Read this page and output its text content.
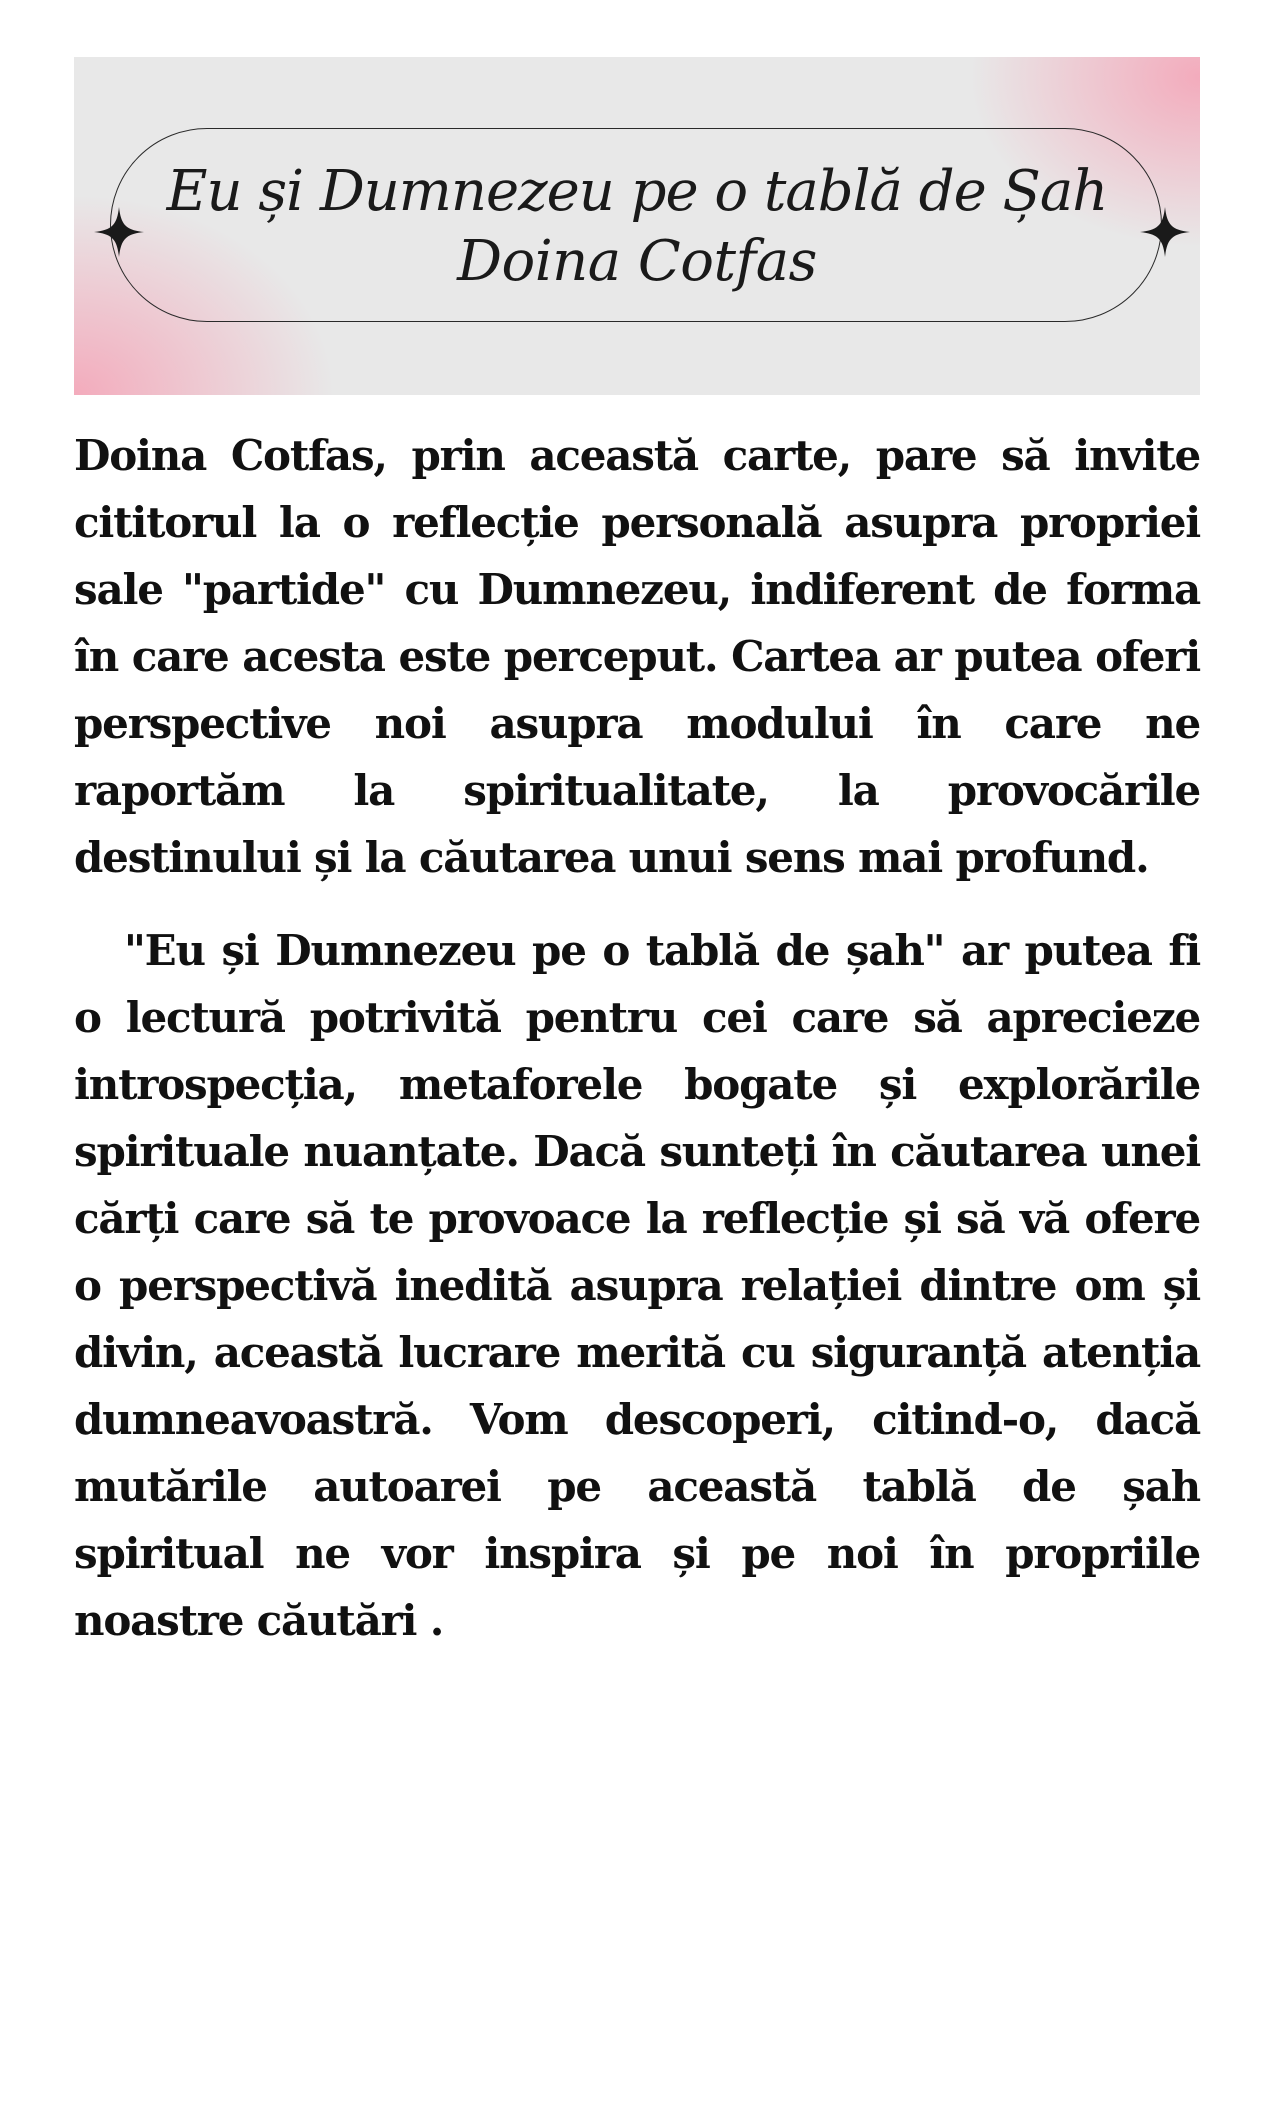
Eu și Dumnezeu pe o tablă de Șah
Doina Cotfas

Doina Cotfas, prin această carte, pare să invite cititorul la o reflecție personală asupra propriei sale "partide" cu Dumnezeu, indiferent de forma în care acesta este perceput. Cartea ar putea oferi perspective noi asupra modului în care ne raportăm la spiritualitate, la provocările destinului și la căutarea unui sens mai profund.

"Eu și Dumnezeu pe o tablă de șah" ar putea fi o lectură potrivită pentru cei care să aprecieze introspecția, metaforele bogate și explorările spirituale nuanțate. Dacă sunteți în căutarea unei cărți care să te provoace la reflecție și să vă ofere o perspectivă inedită asupra relației dintre om și divin, această lucrare merită cu siguranță atenția dumneavoastră. Vom descoperi, citind-o, dacă mutările autoarei pe această tablă de șah spiritual ne vor inspira și pe noi în propriile noastre căutări .
